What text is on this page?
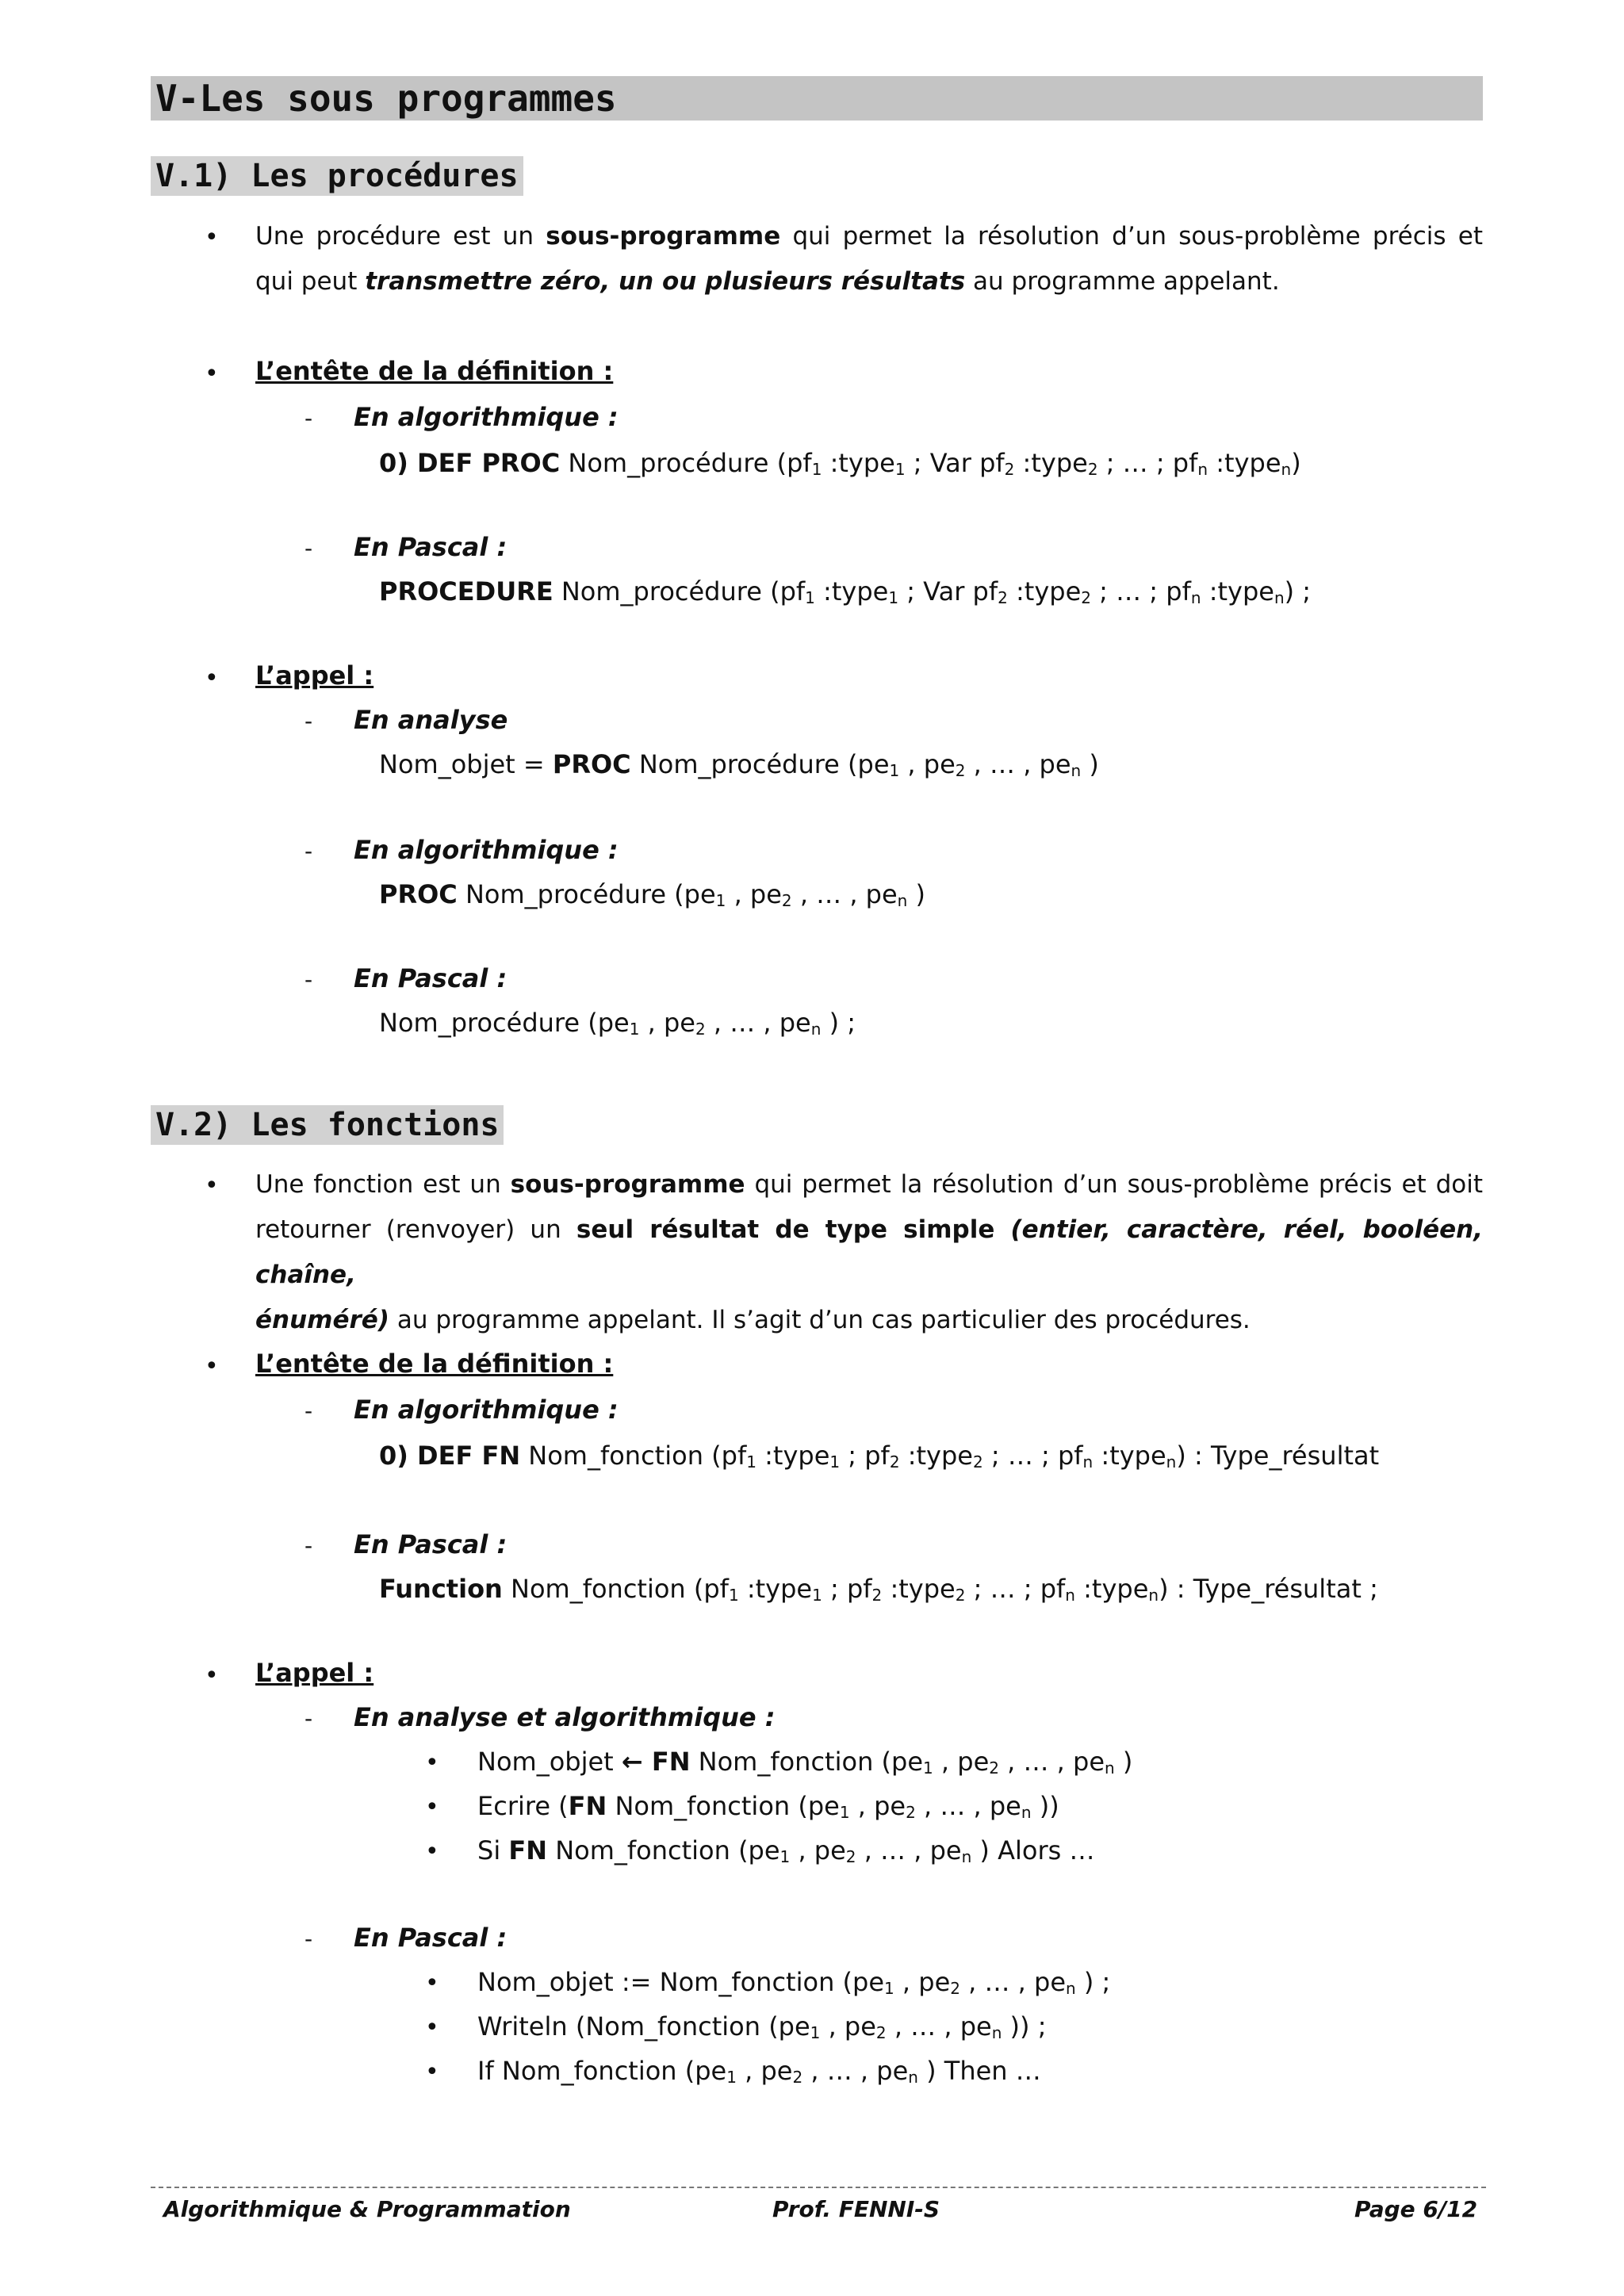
V-Les sous programmes
V.1) Les procédures
• Une procédure est un sous-programme qui permet la résolution d’un sous-problème précis et
qui peut transmettre zéro, un ou plusieurs résultats au programme appelant.
• L’entête de la définition :
- En algorithmique :
0) DEF PROC Nom_procédure ($pf_1$ :type$_1$ ; Var $pf_2$ :type$_2$ ; … ; $pf_n$ :type$_n$)
- En Pascal :
PROCEDURE Nom_procédure ($pf_1$ :type$_1$ ; Var $pf_2$ :type$_2$ ; … ; $pf_n$ :type$_n$) ;
• L’appel :
- En analyse
Nom_objet = PROC Nom_procédure ($pe_1$ , $pe_2$ , … , $pe_n$ )
- En algorithmique :
PROC Nom_procédure ($pe_1$ , $pe_2$ , … , $pe_n$ )
- En Pascal :
Nom_procédure ($pe_1$ , $pe_2$ , … , $pe_n$ ) ;
V.2) Les fonctions
• Une fonction est un sous-programme qui permet la résolution d’un sous-problème précis et doit
retourner (renvoyer) un seul résultat de type simple (entier, caractère, réel, booléen, chaîne,
énuméré) au programme appelant. Il s’agit d’un cas particulier des procédures.
• L’entête de la définition :
- En algorithmique :
0) DEF FN Nom_fonction ($pf_1$ :type$_1$ ; $pf_2$ :type$_2$ ; … ; $pf_n$ :type$_n$) : Type_résultat
- En Pascal :
Function Nom_fonction ($pf_1$ :type$_1$ ; $pf_2$ :type$_2$ ; … ; $pf_n$ :type$_n$) : Type_résultat ;
• L’appel :
- En analyse et algorithmique :
• Nom_objet ← FN Nom_fonction ($pe_1$ , $pe_2$ , … , $pe_n$ )
• Ecrire (FN Nom_fonction ($pe_1$ , $pe_2$ , … , $pe_n$ ))
• Si FN Nom_fonction ($pe_1$ , $pe_2$ , … , $pe_n$ ) Alors …
- En Pascal :
• Nom_objet := Nom_fonction ($pe_1$ , $pe_2$ , … , $pe_n$ ) ;
• Writeln (Nom_fonction ($pe_1$ , $pe_2$ , … , $pe_n$ )) ;
• If Nom_fonction ($pe_1$ , $pe_2$ , … , $pe_n$ ) Then …
Algorithmique & Programmation	Prof. FENNI-S	Page 6/12
